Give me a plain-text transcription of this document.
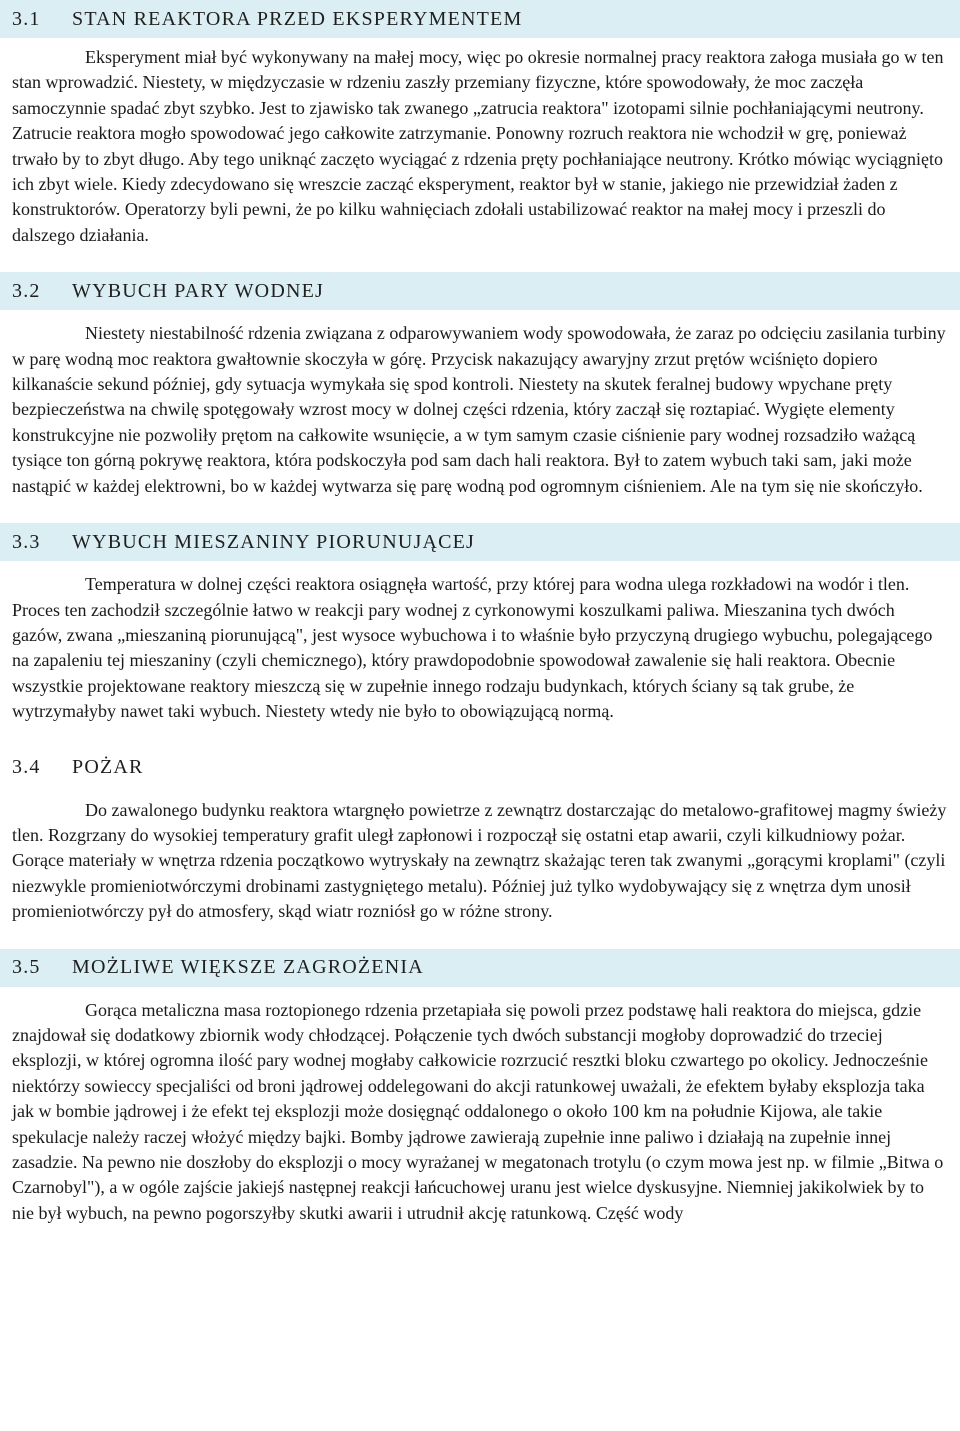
3.1	STAN REAKTORA PRZED EKSPERYMENTEM

Eksperyment miał być wykonywany na małej mocy, więc po okresie normalnej pracy reaktora załoga musiała go w ten stan wprowadzić. Niestety, w międzyczasie w rdzeniu zaszły przemiany fizyczne, które spowodowały, że moc zaczęła samoczynnie spadać zbyt szybko. Jest to zjawisko tak zwanego „zatrucia reaktora" izotopami silnie pochłaniającymi neutrony. Zatrucie reaktora mogło spowodować jego całkowite zatrzymanie. Ponowny rozruch reaktora nie wchodził w grę, ponieważ trwało by to zbyt długo. Aby tego uniknąć zaczęto wyciągać z rdzenia pręty pochłaniające neutrony. Krótko mówiąc wyciągnięto ich zbyt wiele. Kiedy zdecydowano się wreszcie zacząć eksperyment, reaktor był w stanie, jakiego nie przewidział żaden z konstruktorów. Operatorzy byli pewni, że po kilku wahnięciach zdołali ustabilizować reaktor na małej mocy i przeszli do dalszego działania.

3.2	WYBUCH PARY WODNEJ

Niestety niestabilność rdzenia związana z odparowywaniem wody spowodowała, że zaraz po odcięciu zasilania turbiny w parę wodną moc reaktora gwałtownie skoczyła w górę. Przycisk nakazujący awaryjny zrzut prętów wciśnięto dopiero kilkanaście sekund później, gdy sytuacja wymykała się spod kontroli. Niestety na skutek feralnej budowy wpychane pręty bezpieczeństwa na chwilę spotęgowały wzrost mocy w dolnej części rdzenia, który zaczął się roztapiać. Wygięte elementy konstrukcyjne nie pozwoliły prętom na całkowite wsunięcie, a w tym samym czasie ciśnienie pary wodnej rozsadziło ważącą tysiące ton górną pokrywę reaktora, która podskoczyła pod sam dach hali reaktora. Był to zatem wybuch taki sam, jaki może nastąpić w każdej elektrowni, bo w każdej wytwarza się parę wodną pod ogromnym ciśnieniem. Ale na tym się nie skończyło.

3.3	WYBUCH MIESZANINY PIORUNUJĄCEJ

Temperatura w dolnej części reaktora osiągnęła wartość, przy której para wodna ulega rozkładowi na wodór i tlen. Proces ten zachodził szczególnie łatwo w reakcji pary wodnej z cyrkonowymi koszulkami paliwa. Mieszanina tych dwóch gazów, zwana „mieszaniną piorunującą", jest wysoce wybuchowa i to właśnie było przyczyną drugiego wybuchu, polegającego na zapaleniu tej mieszaniny (czyli chemicznego), który prawdopodobnie spowodował zawalenie się hali reaktora. Obecnie wszystkie projektowane reaktory mieszczą się w zupełnie innego rodzaju budynkach, których ściany są tak grube, że wytrzymałyby nawet taki wybuch. Niestety wtedy nie było to obowiązującą normą.

3.4	POŻAR

Do zawalonego budynku reaktora wtargnęło powietrze z zewnątrz dostarczając do metalowo-grafitowej magmy świeży tlen. Rozgrzany do wysokiej temperatury grafit uległ zapłonowi i rozpoczął się ostatni etap awarii, czyli kilkudniowy pożar. Gorące materiały w wnętrza rdzenia początkowo wytryskały na zewnątrz skażając teren tak zwanymi „gorącymi kroplami" (czyli niezwykle promieniotwórczymi drobinami zastygniętego metalu). Później już tylko wydobywający się z wnętrza dym unosił promieniotwórczy pył do atmosfery, skąd wiatr rozniósł go w różne strony.

3.5	MOŻLIWE WIĘKSZE ZAGROŻENIA

Gorąca metaliczna masa roztopionego rdzenia przetapiała się powoli przez podstawę hali reaktora do miejsca, gdzie znajdował się dodatkowy zbiornik wody chłodzącej. Połączenie tych dwóch substancji mogłoby doprowadzić do trzeciej eksplozji, w której ogromna ilość pary wodnej mogłaby całkowicie rozrzucić resztki bloku czwartego po okolicy. Jednocześnie niektórzy sowieccy specjaliści od broni jądrowej oddelegowani do akcji ratunkowej uważali, że efektem byłaby eksplozja taka jak w bombie jądrowej i że efekt tej eksplozji może dosięgnąć oddalonego o około 100 km na południe Kijowa, ale takie spekulacje należy raczej włożyć między bajki. Bomby jądrowe zawierają zupełnie inne paliwo i działają na zupełnie innej zasadzie. Na pewno nie doszłoby do eksplozji o mocy wyrażanej w megatonach trotylu (o czym mowa jest np. w filmie „Bitwa o Czarnobyl"), a w ogóle zajście jakiejś następnej reakcji łańcuchowej uranu jest wielce dyskusyjne. Niemniej jakikolwiek by to nie był wybuch, na pewno pogorszyłby skutki awarii i utrudnił akcję ratunkową. Część wody
